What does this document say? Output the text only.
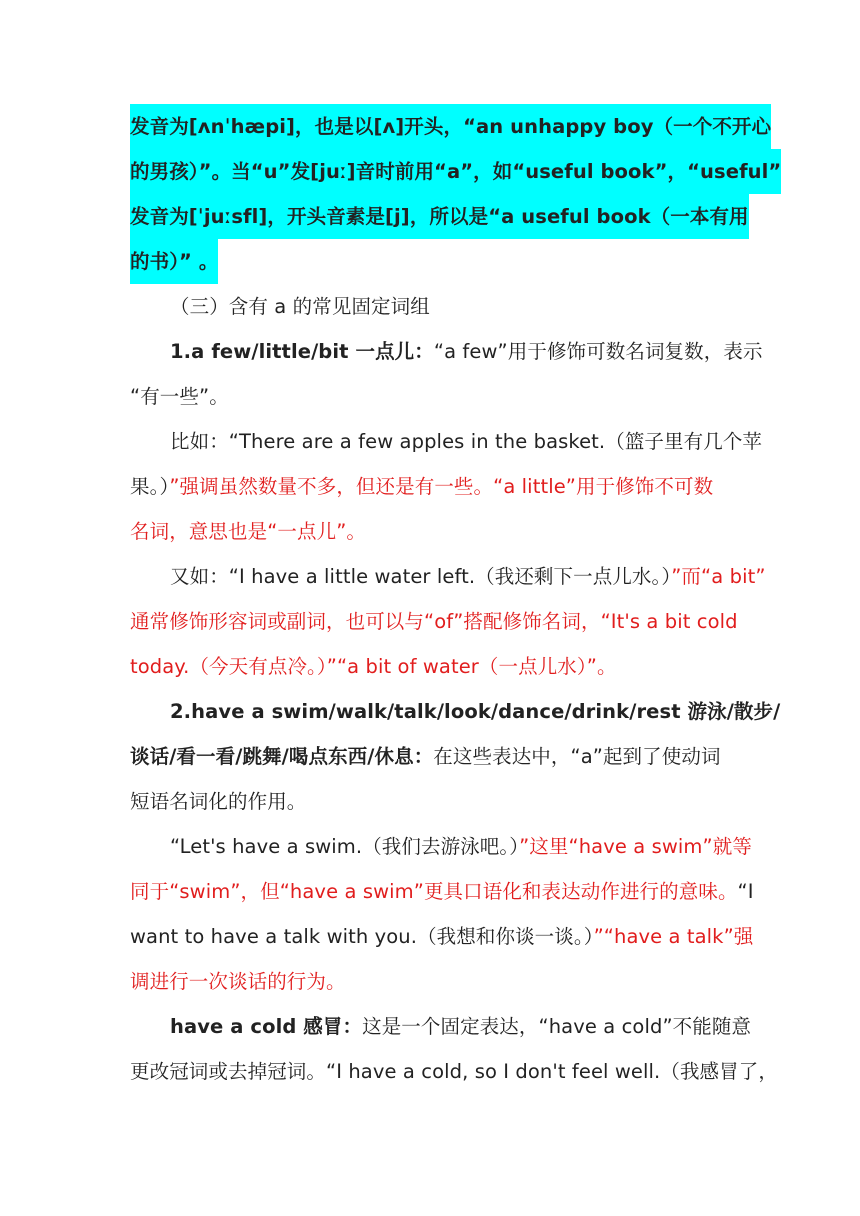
发音为[ʌnˈhæpi]，也是以[ʌ]开头，“an unhappy boy（一个不开心
的男孩）”。当“u”发[juː]音时前用“a”，如“useful book”，“useful”
发音为[ˈjuːsfl]，开头音素是[j]，所以是“a useful book（一本有用
的书）” 。
（三）含有 a 的常见固定词组
1.a few/little/bit 一点儿：“a few”用于修饰可数名词复数，表示
“有一些”。
比如：“There are a few apples in the basket.（篮子里有几个苹
果。）”强调虽然数量不多，但还是有一些。“a little”用于修饰不可数
名词，意思也是“一点儿”。
又如：“I have a little water left.（我还剩下一点儿水。）”而“a bit”
通常修饰形容词或副词，也可以与“of”搭配修饰名词，“It's a bit cold
today.（今天有点冷。）”“a bit of water（一点儿水）”。
2.have a swim/walk/talk/look/dance/drink/rest 游泳/散步/
谈话/看一看/跳舞/喝点东西/休息：在这些表达中，“a”起到了使动词
短语名词化的作用。
“Let's have a swim.（我们去游泳吧。）”这里“have a swim”就等
同于“swim”，但“have a swim”更具口语化和表达动作进行的意味。“I
want to have a talk with you.（我想和你谈一谈。）”“have a talk”强
调进行一次谈话的行为。
have a cold 感冒：这是一个固定表达，“have a cold”不能随意
更改冠词或去掉冠词。“I have a cold, so I don't feel well.（我感冒了，
